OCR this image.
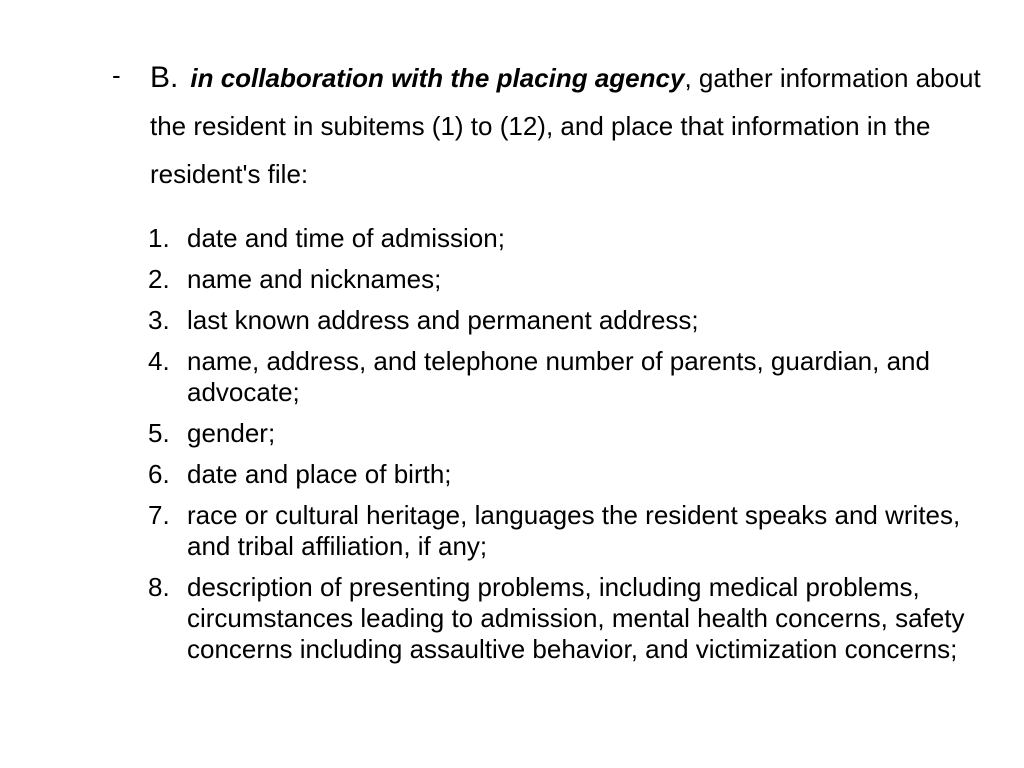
- B. in collaboration with the placing agency, gather information about the resident in subitems (1) to (12), and place that information in the resident's file:
1. date and time of admission;
2. name and nicknames;
3. last known address and permanent address;
4. name, address, and telephone number of parents, guardian, and advocate;
5. gender;
6. date and place of birth;
7. race or cultural heritage, languages the resident speaks and writes, and tribal affiliation, if any;
8. description of presenting problems, including medical problems, circumstances leading to admission, mental health concerns, safety concerns including assaultive behavior, and victimization concerns;
